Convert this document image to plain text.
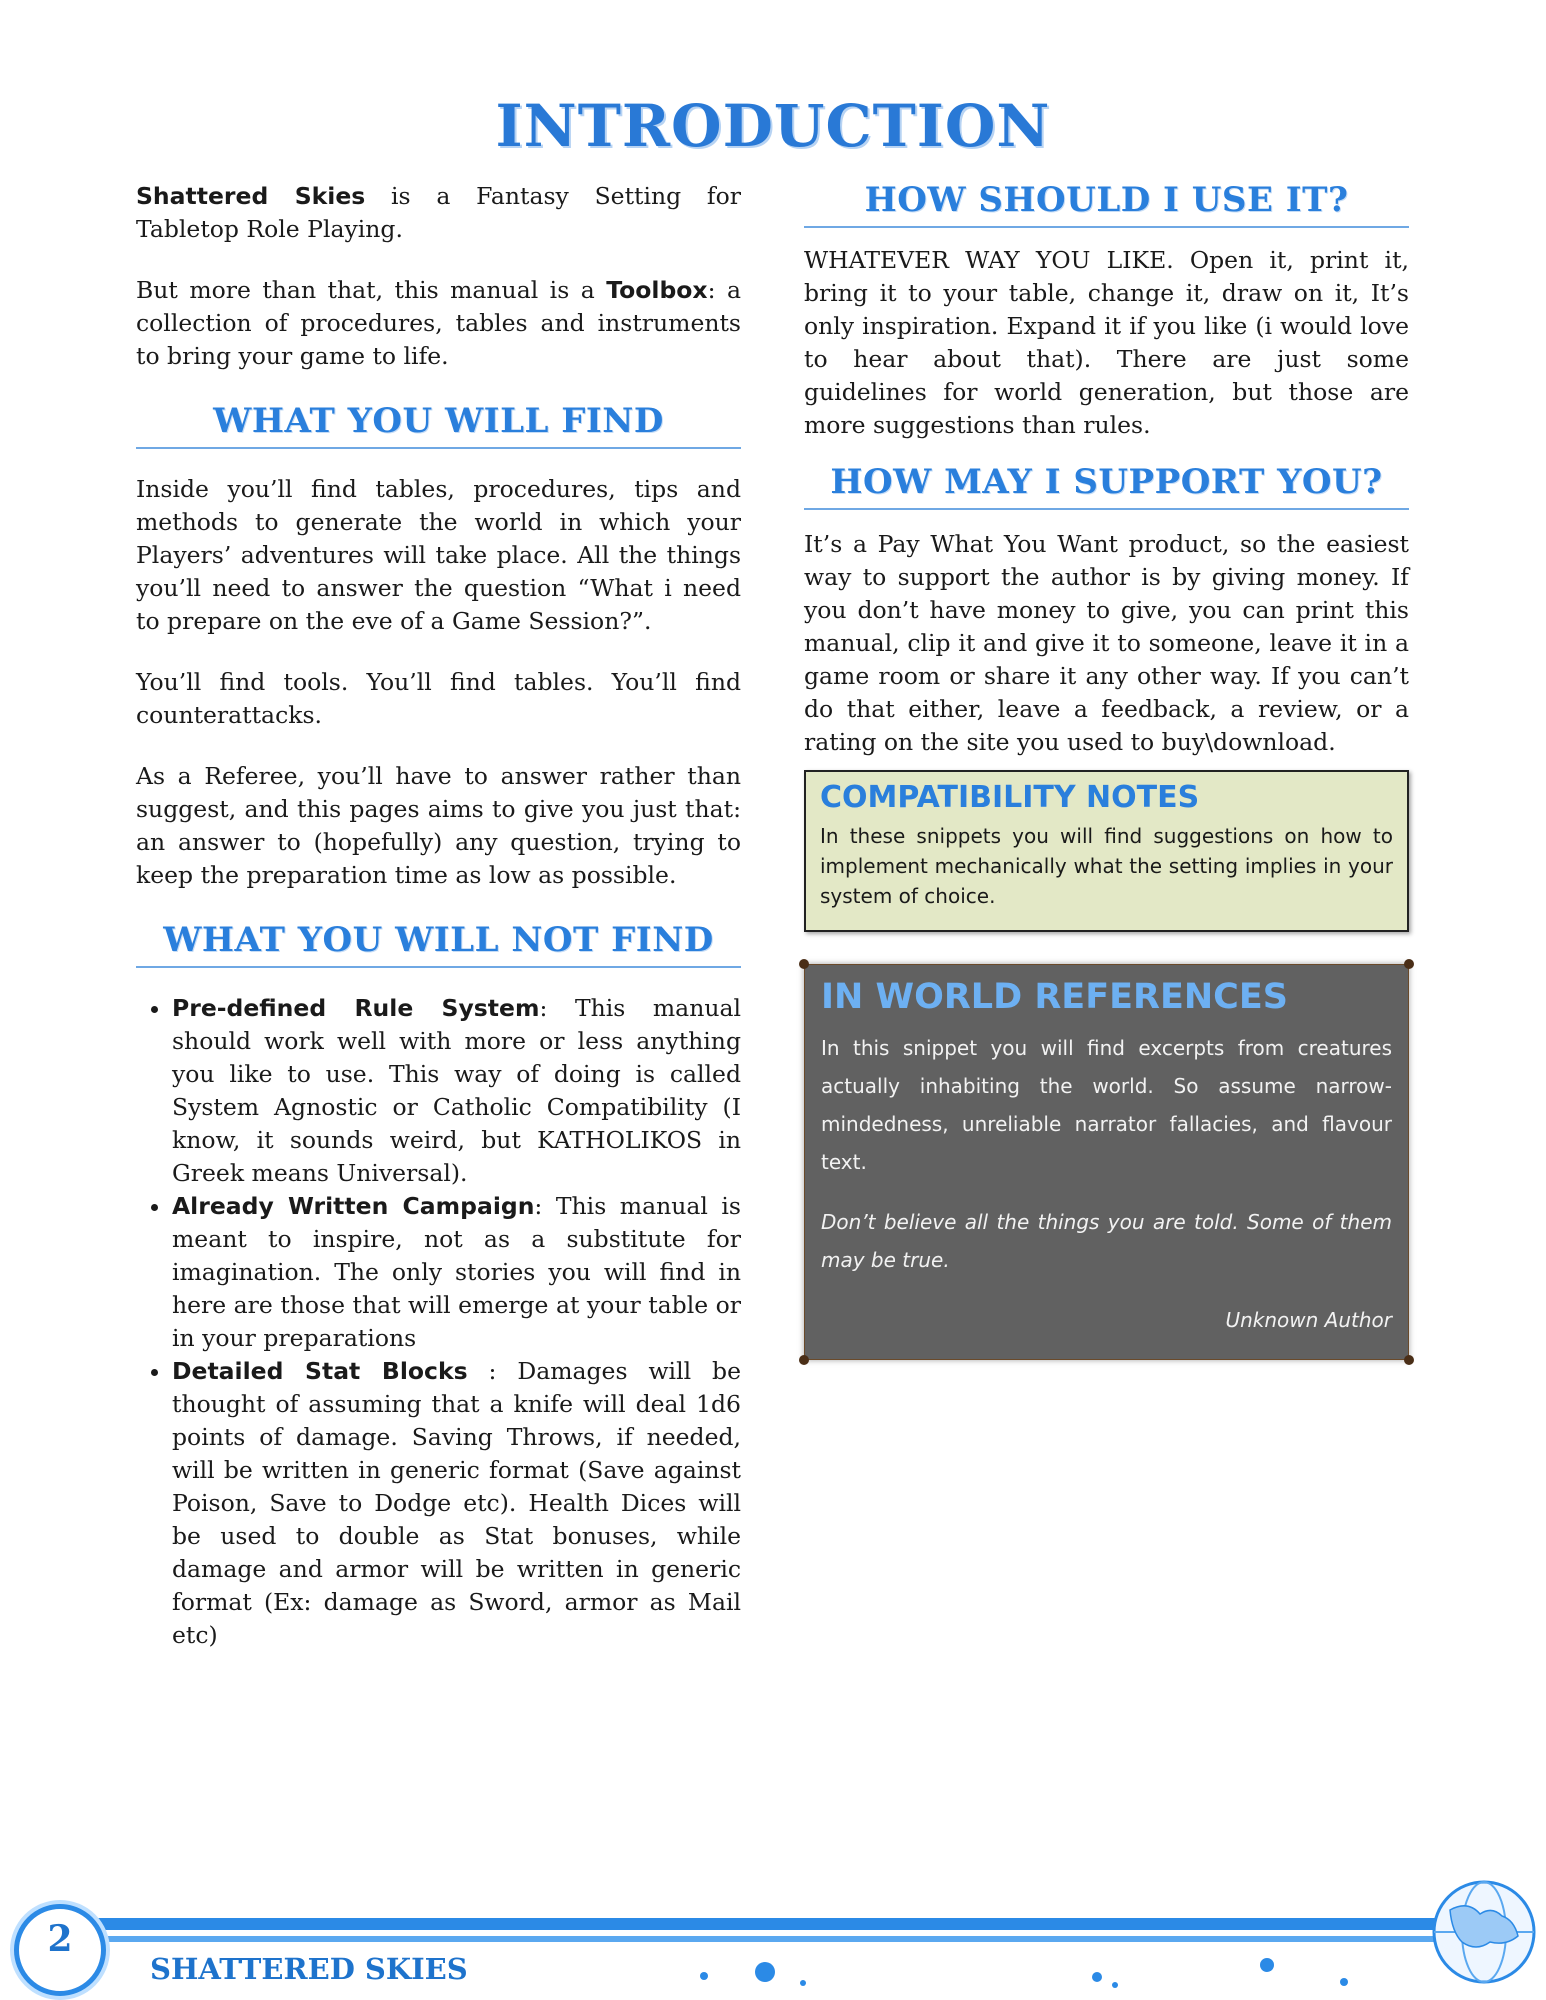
INTRODUCTION

Shattered Skies is a Fantasy Setting for Tabletop Role Playing.

But more than that, this manual is a Toolbox: a collection of procedures, tables and instruments to bring your game to life.

WHAT YOU WILL FIND

Inside you’ll find tables, procedures, tips and methods to generate the world in which your Players’ adventures will take place. All the things you’ll need to answer the question “What i need to prepare on the eve of a Game Session?”.

You’ll find tools. You’ll find tables. You’ll find counterattacks.

As a Referee, you’ll have to answer rather than suggest, and this pages aims to give you just that: an answer to (hopefully) any question, trying to keep the preparation time as low as possible.

WHAT YOU WILL NOT FIND
• Pre-defined Rule System: This manual should work well with more or less anything you like to use. This way of doing is called System Agnostic or Catholic Compatibility (I know, it sounds weird, but KATHOLIKOS in Greek means Universal).
• Already Written Campaign: This manual is meant to inspire, not as a substitute for imagination. The only stories you will find in here are those that will emerge at your table or in your preparations
• Detailed Stat Blocks : Damages will be thought of assuming that a knife will deal 1d6 points of damage. Saving Throws, if needed, will be written in generic format (Save against Poison, Save to Dodge etc). Health Dices will be used to double as Stat bonuses, while damage and armor will be written in generic format (Ex: damage as Sword, armor as Mail etc)
HOW SHOULD I USE IT?

WHATEVER WAY YOU LIKE. Open it, print it, bring it to your table, change it, draw on it, It’s only inspiration. Expand it if you like (i would love to hear about that). There are just some guidelines for world generation, but those are more suggestions than rules.

HOW MAY I SUPPORT YOU?

It’s a Pay What You Want product, so the easiest way to support the author is by giving money. If you don’t have money to give, you can print this manual, clip it and give it to someone, leave it in a game room or share it any other way. If you can’t do that either, leave a feedback, a review, or a rating on the site you used to buy\download.

COMPATIBILITY NOTES

In these snippets you will find suggestions on how to implement mechanically what the setting implies in your system of choice.

IN WORLD REFERENCES

In this snippet you will find excerpts from creatures actually inhabiting the world. So assume narrow-mindedness, unreliable narrator fallacies, and flavour text.

Don’t believe all the things you are told. Some of them may be true.

Unknown Author

2

SHATTERED SKIES
